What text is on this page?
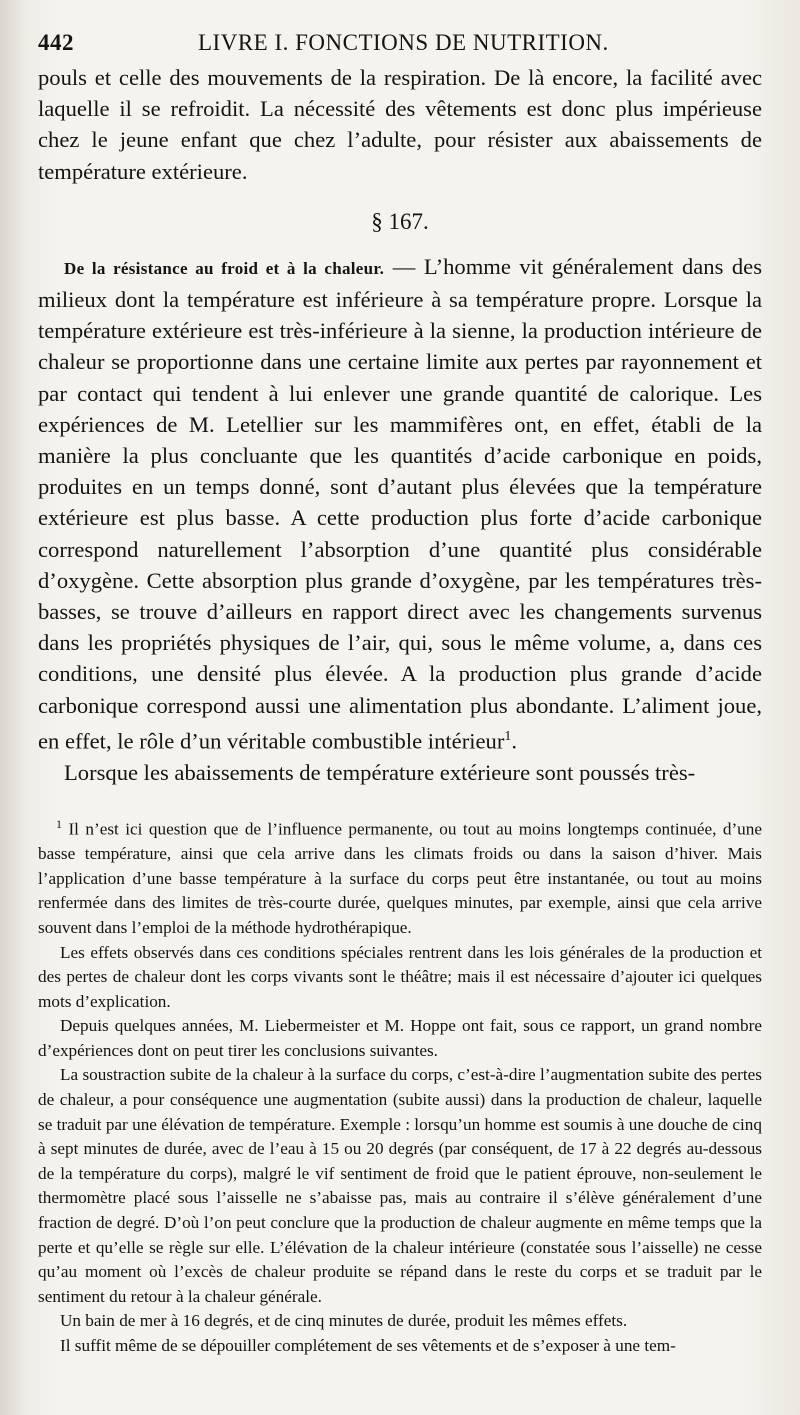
442	LIVRE I. FONCTIONS DE NUTRITION.

pouls et celle des mouvements de la respiration. De là encore, la facilité avec laquelle il se refroidit. La nécessité des vêtements est donc plus impérieuse chez le jeune enfant que chez l’adulte, pour résister aux abaissements de température extérieure.

§ 167.

De la résistance au froid et à la chaleur. — L’homme vit généralement dans des milieux dont la température est inférieure à sa température propre. Lorsque la température extérieure est très-inférieure à la sienne, la production intérieure de chaleur se proportionne dans une certaine limite aux pertes par rayonnement et par contact qui tendent à lui enlever une grande quantité de calorique. Les expériences de M. Letellier sur les mammifères ont, en effet, établi de la manière la plus concluante que les quantités d’acide carbonique en poids, produites en un temps donné, sont d’autant plus élevées que la température extérieure est plus basse. A cette production plus forte d’acide carbonique correspond naturellement l’absorption d’une quantité plus considérable d’oxygène. Cette absorption plus grande d’oxygène, par les températures très-basses, se trouve d’ailleurs en rapport direct avec les changements survenus dans les propriétés physiques de l’air, qui, sous le même volume, a, dans ces conditions, une densité plus élevée. A la production plus grande d’acide carbonique correspond aussi une alimentation plus abondante. L’aliment joue, en effet, le rôle d’un véritable combustible intérieur$^1$.

Lorsque les abaissements de température extérieure sont poussés très-

$^1$ Il n’est ici question que de l’influence permanente, ou tout au moins longtemps continuée, d’une basse température, ainsi que cela arrive dans les climats froids ou dans la saison d’hiver. Mais l’application d’une basse température à la surface du corps peut être instantanée, ou tout au moins renfermée dans des limites de très-courte durée, quelques minutes, par exemple, ainsi que cela arrive souvent dans l’emploi de la méthode hydrothérapique.

Les effets observés dans ces conditions spéciales rentrent dans les lois générales de la production et des pertes de chaleur dont les corps vivants sont le théâtre; mais il est nécessaire d’ajouter ici quelques mots d’explication.

Depuis quelques années, M. Liebermeister et M. Hoppe ont fait, sous ce rapport, un grand nombre d’expériences dont on peut tirer les conclusions suivantes.

La soustraction subite de la chaleur à la surface du corps, c’est-à-dire l’augmentation subite des pertes de chaleur, a pour conséquence une augmentation (subite aussi) dans la production de chaleur, laquelle se traduit par une élévation de température. Exemple : lorsqu’un homme est soumis à une douche de cinq à sept minutes de durée, avec de l’eau à 15 ou 20 degrés (par conséquent, de 17 à 22 degrés au-dessous de la température du corps), malgré le vif sentiment de froid que le patient éprouve, non-seulement le thermomètre placé sous l’aisselle ne s’abaisse pas, mais au contraire il s’élève généralement d’une fraction de degré. D’où l’on peut conclure que la production de chaleur augmente en même temps que la perte et qu’elle se règle sur elle. L’élévation de la chaleur intérieure (constatée sous l’aisselle) ne cesse qu’au moment où l’excès de chaleur produite se répand dans le reste du corps et se traduit par le sentiment du retour à la chaleur générale.

Un bain de mer à 16 degrés, et de cinq minutes de durée, produit les mêmes effets.

Il suffit même de se dépouiller complétement de ses vêtements et de s’exposer à une tem-
